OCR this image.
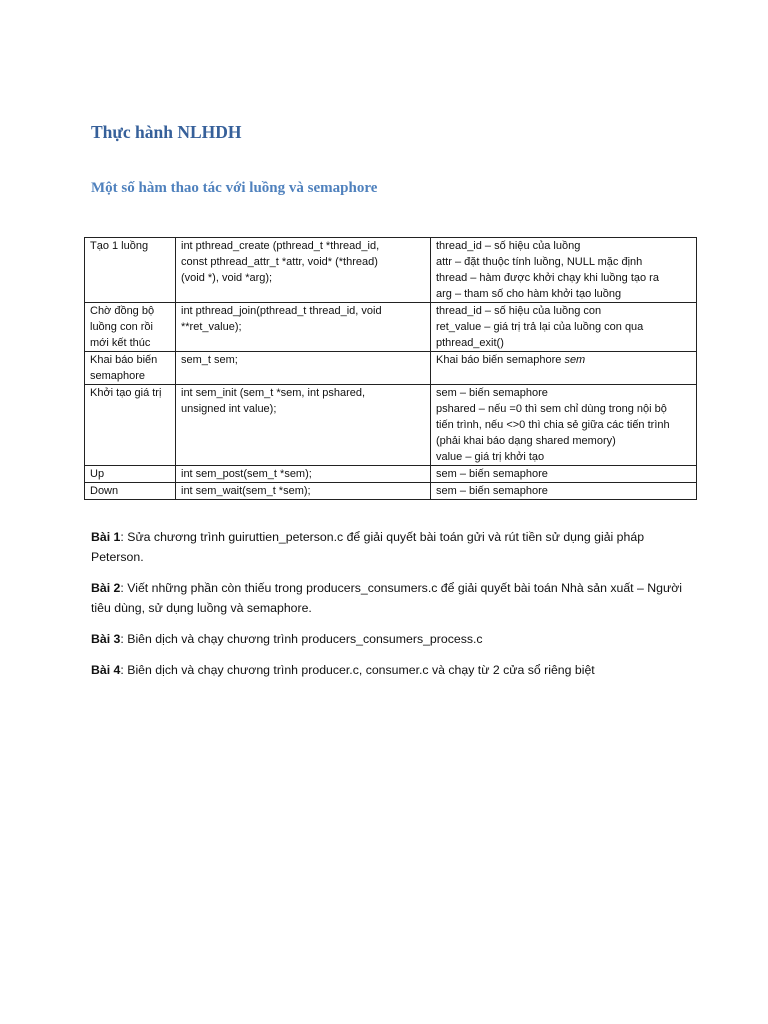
Thực hành NLHDH
Một số hàm thao tác với luồng và semaphore
Tạo 1 luồng	int pthread_create (pthread_t *thread_id,
const pthread_attr_t *attr, void* (*thread)
(void *), void *arg);	thread_id – số hiệu của luồng
attr – đặt thuộc tính luồng, NULL mặc định
thread – hàm được khởi chạy khi luồng tạo ra
arg – tham số cho hàm khởi tạo luồng
Chờ đồng bộ luồng con rồi mới kết thúc	int pthread_join(pthread_t thread_id, void
**ret_value);	thread_id – số hiệu của luồng con
ret_value – giá trị trả lại của luồng con qua
pthread_exit()
Khai báo biến semaphore	sem_t sem;	Khai báo biến semaphore sem
Khởi tạo giá trị	int sem_init (sem_t *sem, int pshared,
unsigned int value);	sem – biến semaphore
pshared – nếu =0 thì sem chỉ dùng trong nội bộ
tiến trình, nếu <>0 thì chia sẻ giữa các tiến trình
(phải khai báo dạng shared memory)
value – giá trị khởi tạo
Up	int sem_post(sem_t *sem);	sem – biến semaphore
Down	int sem_wait(sem_t *sem);	sem – biến semaphore

Bài 1: Sửa chương trình guiruttien_peterson.c để giải quyết bài toán gửi và rút tiền sử dụng giải pháp Peterson.

Bài 2: Viết những phần còn thiếu trong producers_consumers.c để giải quyết bài toán Nhà sản xuất – Người tiêu dùng, sử dụng luồng và semaphore.

Bài 3: Biên dịch và chạy chương trình producers_consumers_process.c

Bài 4: Biên dịch và chạy chương trình producer.c, consumer.c và chạy từ 2 cửa sổ riêng biệt
